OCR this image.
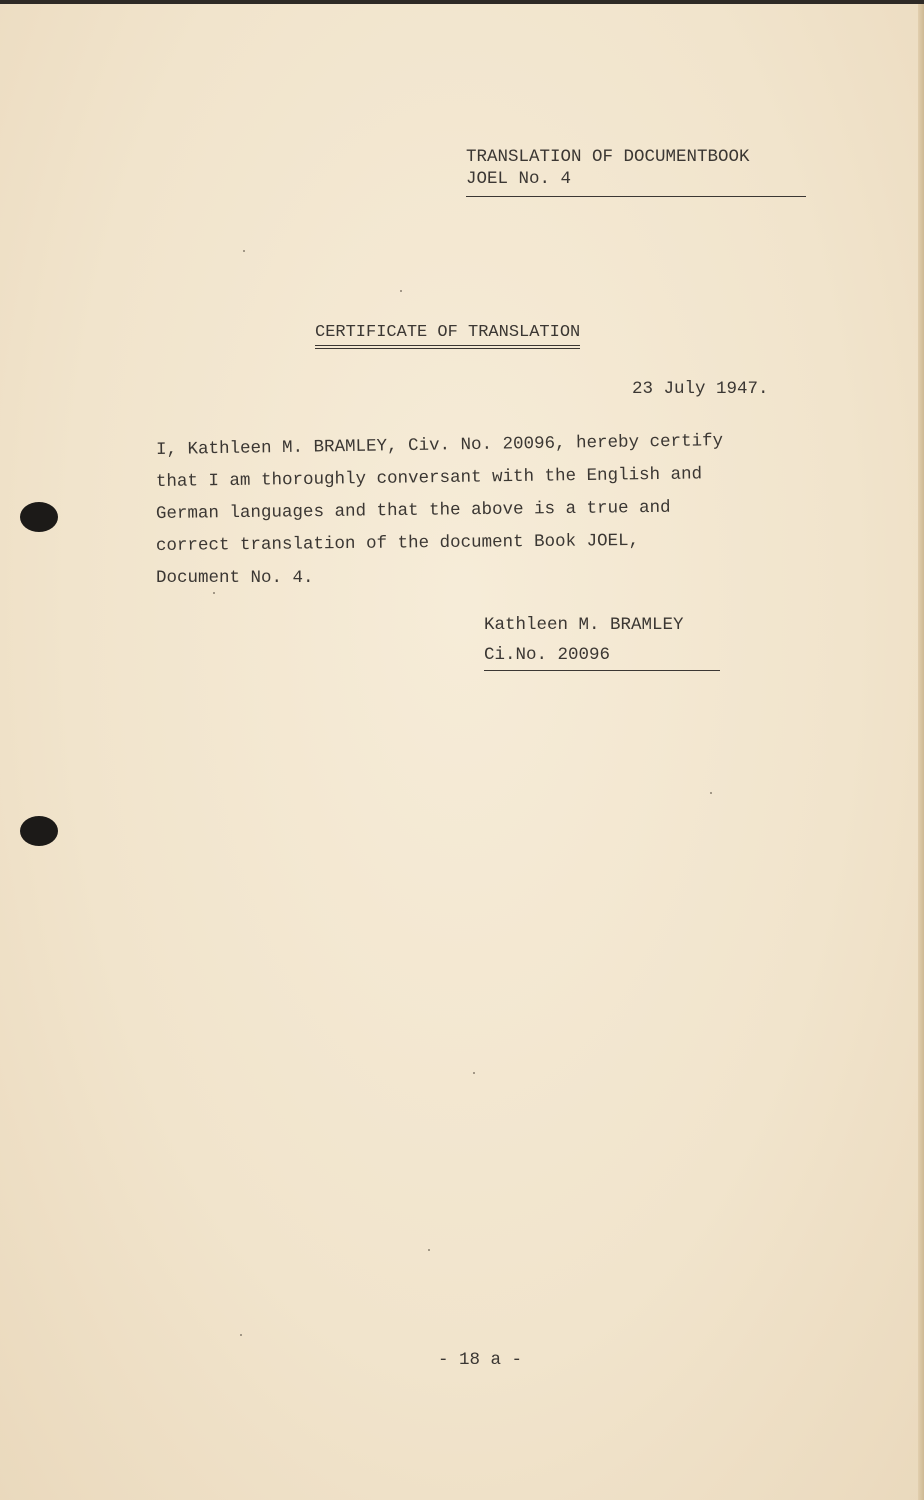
TRANSLATION OF DOCUMENTBOOK
JOEL No. 4
CERTIFICATE OF TRANSLATION
23 July 1947.
I, Kathleen M. BRAMLEY, Civ. No. 20096, hereby certify
that I am thoroughly conversant with the English and
German languages and that the above is a true and
correct translation of the document Book JOEL,
Document No. 4.
Kathleen M. BRAMLEY
Ci.No. 20096
- 18 a -
